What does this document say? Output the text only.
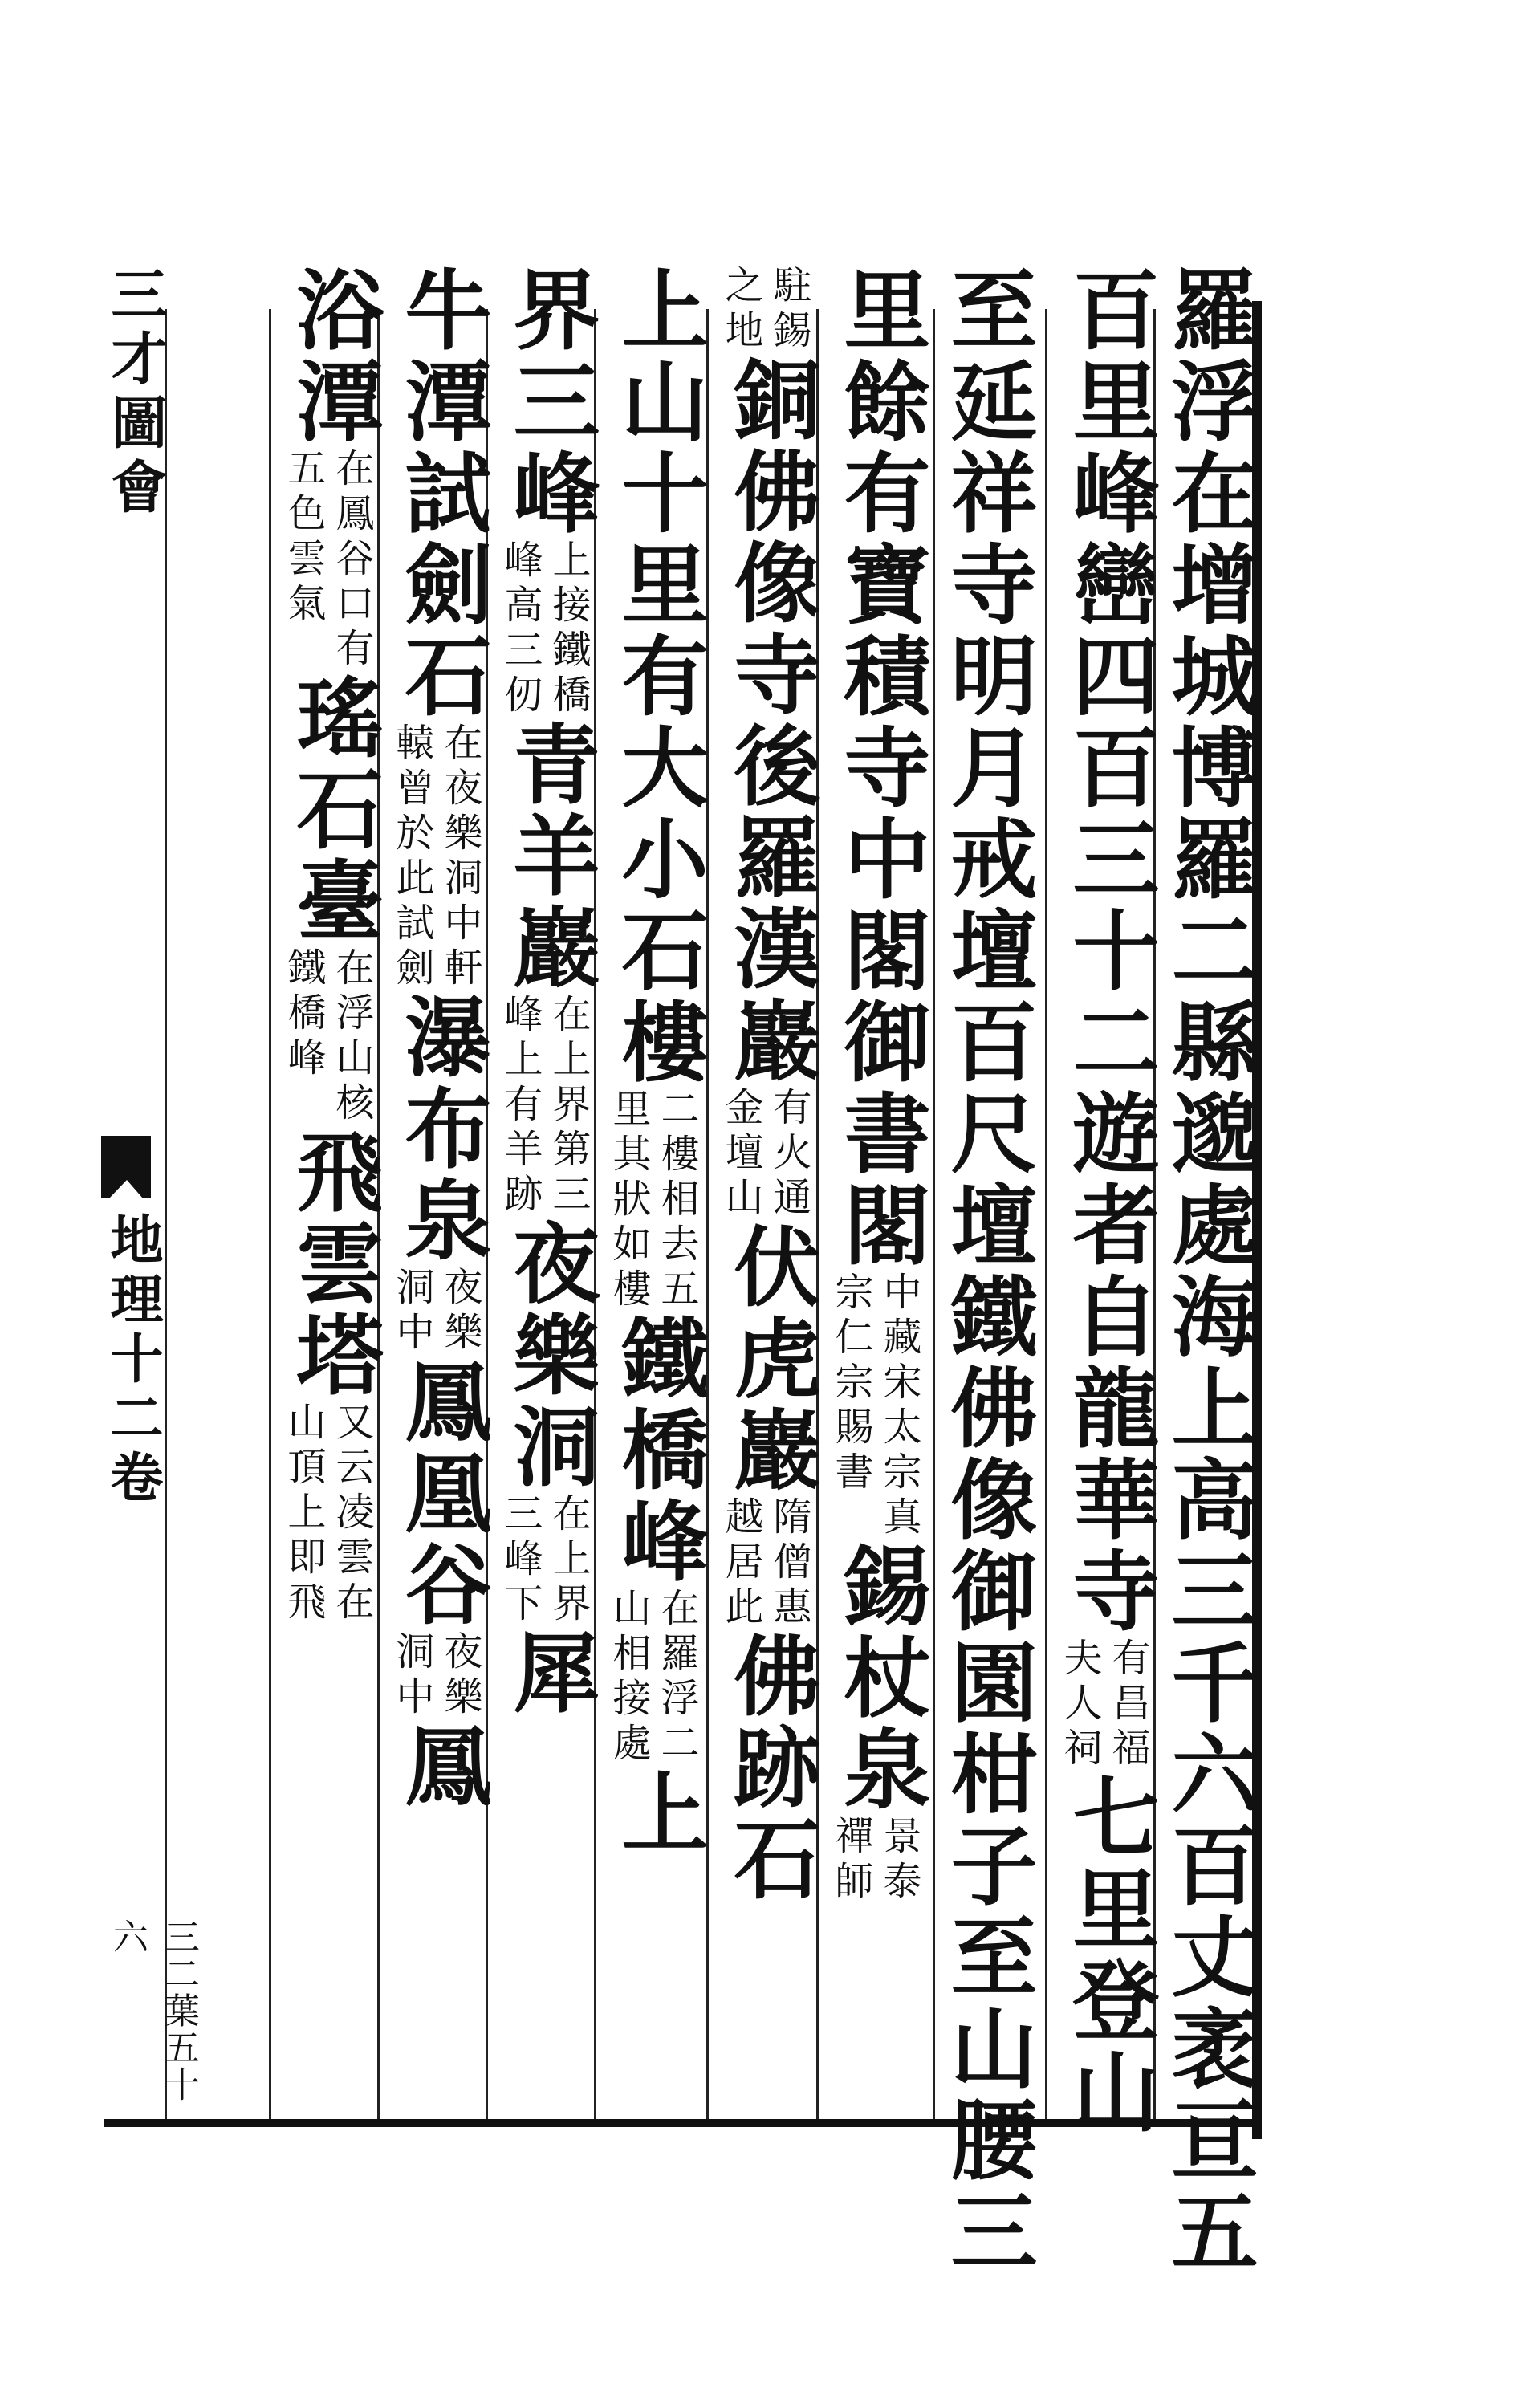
羅浮在增城博羅二縣邈處海上高三千六百丈袤亘五
百里峰巒四百三十二遊者自龍華寺有昌福夫人祠七里登山
至延祥寺明月戒壇百尺壇鐵佛像御園柑子至山腰三
里餘有寶積寺中閣御書閣中藏宋太宗真宗仁宗賜書錫杖泉景泰禪師
駐錫之地銅佛像寺後羅漢巖有火通金壇山伏虎巖隋僧惠越居此佛跡石
上山十里有大小石樓二樓相去五里其狀如樓鐵橋峰在羅浮二山相接處上
界三峰上接鐵橋峰高三仞青羊巖在上界第三峰上有羊跡夜樂洞在上界三峰下犀
牛潭試劍石在夜樂洞中軒轅曾於此試劍瀑布泉夜樂洞中鳳凰谷夜樂洞中鳳
浴潭在鳳谷口有五色雲氣瑤石臺在浮山核鐵橋峰飛雲塔又云凌雲在山頂上即飛
三才圖會
地理十二卷
三二葉五十六
